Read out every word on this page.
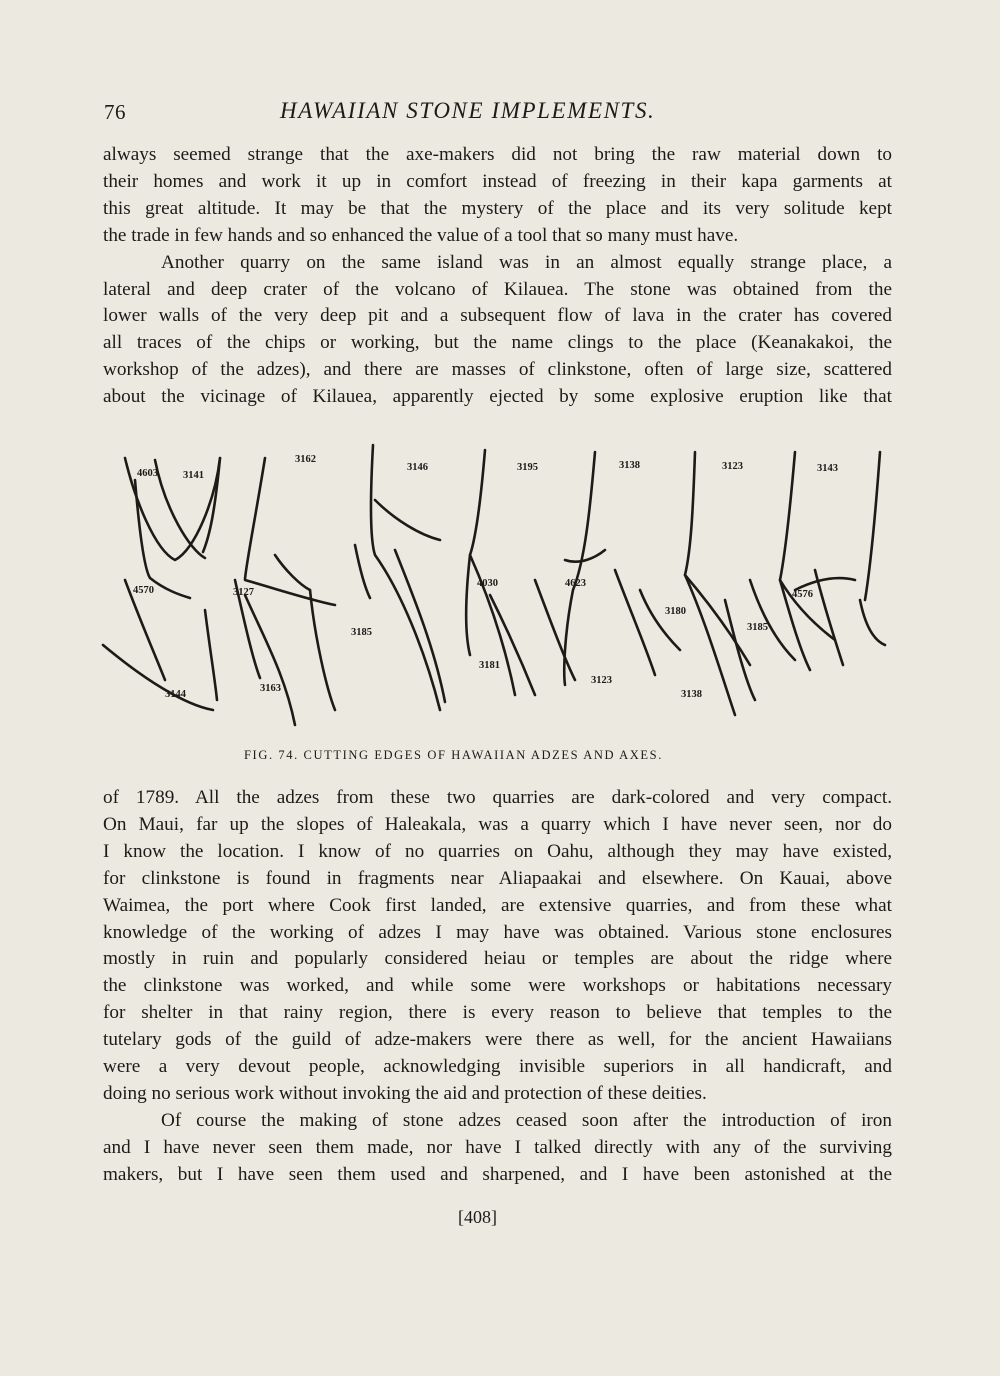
76	HAWAIIAN STONE IMPLEMENTS.
always seemed strange that the axe-makers did not bring the raw material down to
their homes and work it up in comfort instead of freezing in their kapa garments at
this great altitude. It may be that the mystery of the place and its very solitude kept
the trade in few hands and so enhanced the value of a tool that so many must have.
Another quarry on the same island was in an almost equally strange place, a
lateral and deep crater of the volcano of Kilauea. The stone was obtained from the
lower walls of the very deep pit and a subsequent flow of lava in the crater has covered
all traces of the chips or working, but the name clings to the place (Keanakakoi, the
workshop of the adzes), and there are masses of clinkstone, often of large size, scattered
about the vicinage of Kilauea, apparently ejected by some explosive eruption like that
4603 3141
3162
3146	3195	3138	3123	3143
4570	3127
3185
4030	4623
3180
4576
3185
3181
3123
3138
3144
3163
FIG. 74. CUTTING EDGES OF HAWAIIAN ADZES AND AXES.
of 1789. All the adzes from these two quarries are dark-colored and very compact.
On Maui, far up the slopes of Haleakala, was a quarry which I have never seen, nor do
I know the location. I know of no quarries on Oahu, although they may have existed,
for clinkstone is found in fragments near Aliapaakai and elsewhere. On Kauai, above
Waimea, the port where Cook first landed, are extensive quarries, and from these what
knowledge of the working of adzes I may have was obtained. Various stone enclosures
mostly in ruin and popularly considered heiau or temples are about the ridge where
the clinkstone was worked, and while some were workshops or habitations necessary
for shelter in that rainy region, there is every reason to believe that temples to the
tutelary gods of the guild of adze-makers were there as well, for the ancient Hawaiians
were a very devout people, acknowledging invisible superiors in all handicraft, and
doing no serious work without invoking the aid and protection of these deities.
Of course the making of stone adzes ceased soon after the introduction of iron
and I have never seen them made, nor have I talked directly with any of the surviving
makers, but I have seen them used and sharpened, and I have been astonished at the
[408]
